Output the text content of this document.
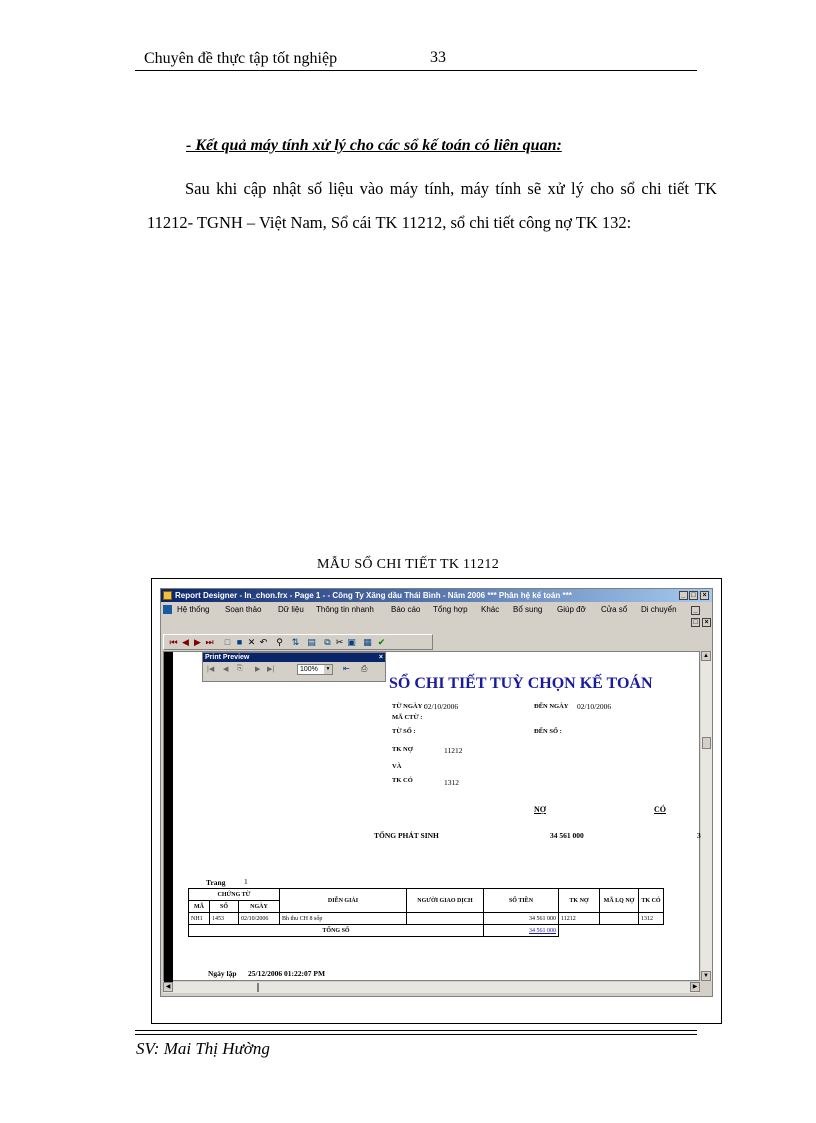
Chuyên đề thực tập tốt nghiệp	33
- Kết quả máy tính xử lý cho các sổ kế toán có liên quan:
Sau khi cập nhật số liệu vào máy tính, máy tính sẽ xử lý cho sổ chi tiết TK 11212- TGNH – Việt Nam, Sổ cái TK 11212, sổ chi tiết công nợ TK 132:
MẪU SỔ CHI TIẾT TK 11212
Report Designer - In_chon.frx - Page 1 - - Công Ty Xăng dầu Thái Bình - Năm 2006 *** Phân hệ kế toán ***	_ □ ×
Hệ thống Soạn thảo Dữ liệu Thông tin nhanh Báo cáo Tổng hợp Khác Bổ sung Giúp đỡ Cửa sổ Di chuyển	_
□ ×
⏮ ◀ ▶ ⏭	□ ■ ✕ ↶ ⚲ ⇅ ▤ ⧉ ✂ ▣ ▦ ✔
Print Preview	×
|◀ ◀ ⎘ ▶ ▶|	100%	▼ ⇤ ⎙
SỔ CHI TIẾT TUỲ CHỌN KẾ TOÁN
TỪ NGÀY :
02/10/2006	ĐẾN NGÀY 02/10/2006
MÃ CTỪ :
TỪ SỐ :	ĐẾN SỐ :
TK NỢ	11212
VÀ
TK CÓ	1312
NỢ	CÓ
TỔNG PHÁT SINH	34 561 000	3
Trang 1
CHỨNG TỪ			DIỄN GIẢI	NGƯỜI GIAO DỊCH	SỐ TIỀN	TK NỢ	MÃ LQ NỢ	TK CÓ
MÃ	SỐ	NGÀY						
NH1	1453	02/10/2006	Bh thu CH 8 sốp		34 561 000	11212		1312
TỔNG SỐ					34 561 000			
Ngày lập 25/12/2006 01:22:07 PM
▲
▼
◀	▶
SV: Mai Thị Hường
